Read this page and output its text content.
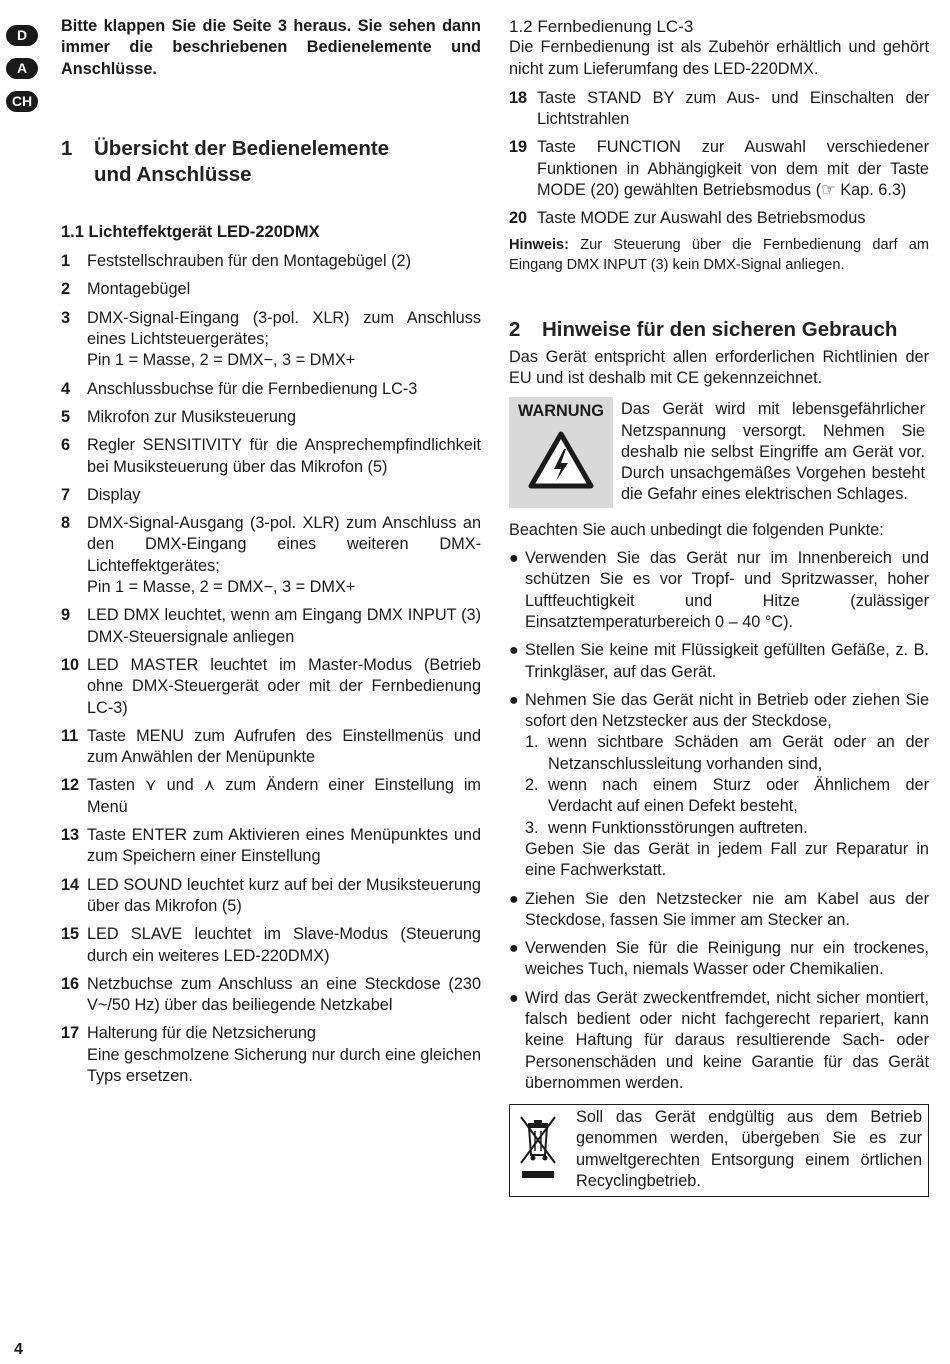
D
A
CH

Bitte klappen Sie die Seite 3 heraus. Sie sehen dann immer die beschriebenen Bedienelemente und Anschlüsse.

1	Übersicht der Bedienelemente
und Anschlüsse

1.1 Lichteffektgerät LED-220DMX

1	Feststellschrauben für den Montagebügel (2)
2	Montagebügel
3	DMX-Signal-Eingang (3-pol. XLR) zum Anschluss eines Lichtsteuergerätes;
Pin 1 = Masse, 2 = DMX−, 3 = DMX+
4	Anschlussbuchse für die Fernbedienung LC-3
5	Mikrofon zur Musiksteuerung
6	Regler SENSITIVITY für die Ansprechempfindlichkeit bei Musiksteuerung über das Mikrofon (5)
7	Display
8	DMX-Signal-Ausgang (3-pol. XLR) zum Anschluss an den DMX-Eingang eines weiteren DMX-Lichteffektgerätes;
Pin 1 = Masse, 2 = DMX−, 3 = DMX+
9	LED DMX leuchtet, wenn am Eingang DMX INPUT (3) DMX-Steuersignale anliegen
10 LED MASTER leuchtet im Master-Modus (Betrieb ohne DMX-Steuergerät oder mit der Fernbedienung LC-3)
11 Taste MENU zum Aufrufen des Einstellmenüs und zum Anwählen der Menüpunkte
12 Tasten ⋎ und ⋏ zum Ändern einer Einstellung im Menü
13 Taste ENTER zum Aktivieren eines Menüpunktes und zum Speichern einer Einstellung
14 LED SOUND leuchtet kurz auf bei der Musiksteuerung über das Mikrofon (5)
15 LED SLAVE leuchtet im Slave-Modus (Steuerung durch ein weiteres LED-220DMX)
16 Netzbuchse zum Anschluss an eine Steckdose (230 V~/50 Hz) über das beiliegende Netzkabel
17 Halterung für die Netzsicherung
Eine geschmolzene Sicherung nur durch eine gleichen Typs ersetzen.

1.2 Fernbedienung LC-3

Die Fernbedienung ist als Zubehör erhältlich und gehört nicht zum Lieferumfang des LED-220DMX.

18 Taste STAND BY zum Aus- und Einschalten der Lichtstrahlen
19 Taste FUNCTION zur Auswahl verschiedener Funktionen in Abhängigkeit von dem mit der Taste MODE (20) gewählten Betriebsmodus (☞ Kap. 6.3)
20 Taste MODE zur Auswahl des Betriebsmodus

Hinweis: Zur Steuerung über die Fernbedienung darf am Eingang DMX INPUT (3) kein DMX-Signal anliegen.

2	Hinweise für den sicheren Gebrauch

Das Gerät entspricht allen erforderlichen Richtlinien der EU und ist deshalb mit CE gekennzeichnet.

WARNUNG	Das Gerät wird mit lebensgefährlicher Netzspannung versorgt. Nehmen Sie deshalb nie selbst Eingriffe am Gerät vor. Durch unsachgemäßes Vorgehen besteht die Gefahr eines elektrischen Schlages.

Beachten Sie auch unbedingt die folgenden Punkte:

● Verwenden Sie das Gerät nur im Innenbereich und schützen Sie es vor Tropf- und Spritzwasser, hoher Luftfeuchtigkeit und Hitze (zulässiger Einsatztemperaturbereich 0 – 40 °C).
● Stellen Sie keine mit Flüssigkeit gefüllten Gefäße, z. B. Trinkgläser, auf das Gerät.
● Nehmen Sie das Gerät nicht in Betrieb oder ziehen Sie sofort den Netzstecker aus der Steckdose,
1. wenn sichtbare Schäden am Gerät oder an der Netzanschlussleitung vorhanden sind,
2. wenn nach einem Sturz oder Ähnlichem der Verdacht auf einen Defekt besteht,
3. wenn Funktionsstörungen auftreten.
Geben Sie das Gerät in jedem Fall zur Reparatur in eine Fachwerkstatt.
● Ziehen Sie den Netzstecker nie am Kabel aus der Steckdose, fassen Sie immer am Stecker an.
● Verwenden Sie für die Reinigung nur ein trockenes, weiches Tuch, niemals Wasser oder Chemikalien.
● Wird das Gerät zweckentfremdet, nicht sicher montiert, falsch bedient oder nicht fachgerecht repariert, kann keine Haftung für daraus resultierende Sach- oder Personenschäden und keine Garantie für das Gerät übernommen werden.
Soll das Gerät endgültig aus dem Betrieb genommen werden, übergeben Sie es zur umweltgerechten Entsorgung einem örtlichen Recyclingbetrieb.
4
